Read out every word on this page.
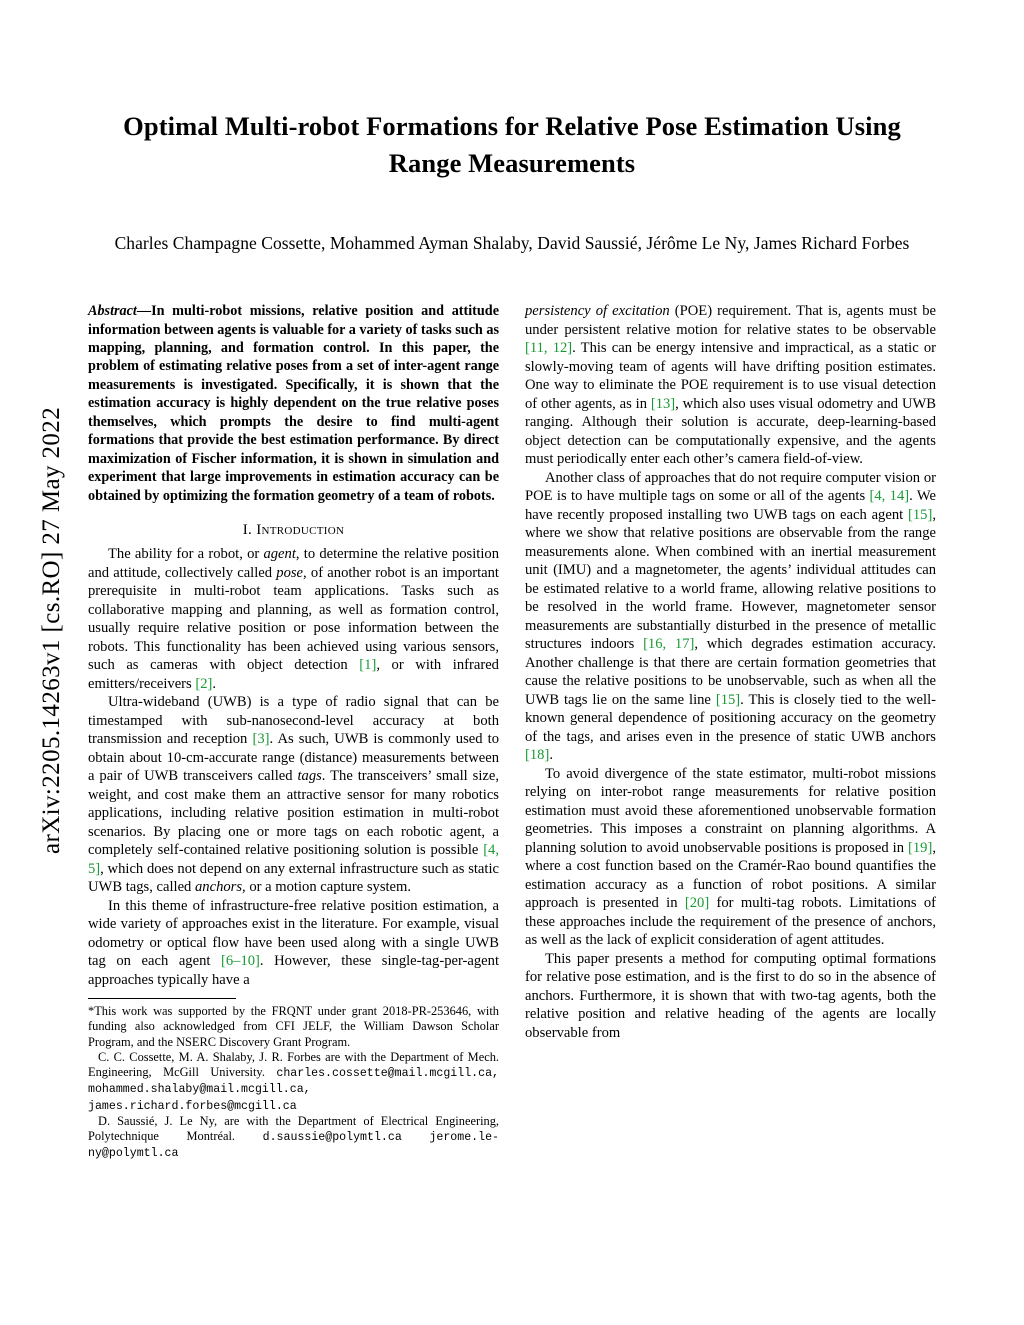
arXiv:2205.14263v1 [cs.RO] 27 May 2022
Optimal Multi-robot Formations for Relative Pose Estimation Using Range Measurements
Charles Champagne Cossette, Mohammed Ayman Shalaby, David Saussié, Jérôme Le Ny, James Richard Forbes
Abstract—In multi-robot missions, relative position and attitude information between agents is valuable for a variety of tasks such as mapping, planning, and formation control. In this paper, the problem of estimating relative poses from a set of inter-agent range measurements is investigated. Specifically, it is shown that the estimation accuracy is highly dependent on the true relative poses themselves, which prompts the desire to find multi-agent formations that provide the best estimation performance. By direct maximization of Fischer information, it is shown in simulation and experiment that large improvements in estimation accuracy can be obtained by optimizing the formation geometry of a team of robots.
I. Introduction

The ability for a robot, or agent, to determine the relative position and attitude, collectively called pose, of another robot is an important prerequisite in multi-robot team applications. Tasks such as collaborative mapping and planning, as well as formation control, usually require relative position or pose information between the robots. This functionality has been achieved using various sensors, such as cameras with object detection [1], or with infrared emitters/receivers [2].

Ultra-wideband (UWB) is a type of radio signal that can be timestamped with sub-nanosecond-level accuracy at both transmission and reception [3]. As such, UWB is commonly used to obtain about 10-cm-accurate range (distance) measurements between a pair of UWB transceivers called tags. The transceivers’ small size, weight, and cost make them an attractive sensor for many robotics applications, including relative position estimation in multi-robot scenarios. By placing one or more tags on each robotic agent, a completely self-contained relative positioning solution is possible [4, 5], which does not depend on any external infrastructure such as static UWB tags, called anchors, or a motion capture system.

In this theme of infrastructure-free relative position estimation, a wide variety of approaches exist in the literature. For example, visual odometry or optical flow have been used along with a single UWB tag on each agent [6–10]. However, these single-tag-per-agent approaches typically have a

*This work was supported by the FRQNT under grant 2018-PR-253646, with funding also acknowledged from CFI JELF, the William Dawson Scholar Program, and the NSERC Discovery Grant Program.

C. C. Cossette, M. A. Shalaby, J. R. Forbes are with the Department of Mech. Engineering, McGill University. charles.cossette@mail.mcgill.ca, mohammed.shalaby@mail.mcgill.ca, james.richard.forbes@mcgill.ca

D. Saussié, J. Le Ny, are with the Department of Electrical Engineering, Polytechnique Montréal. d.saussie@polymtl.ca jerome.le-ny@polymtl.ca

persistency of excitation (POE) requirement. That is, agents must be under persistent relative motion for relative states to be observable [11, 12]. This can be energy intensive and impractical, as a static or slowly-moving team of agents will have drifting position estimates. One way to eliminate the POE requirement is to use visual detection of other agents, as in [13], which also uses visual odometry and UWB ranging. Although their solution is accurate, deep-learning-based object detection can be computationally expensive, and the agents must periodically enter each other’s camera field-of-view.

Another class of approaches that do not require computer vision or POE is to have multiple tags on some or all of the agents [4, 14]. We have recently proposed installing two UWB tags on each agent [15], where we show that relative positions are observable from the range measurements alone. When combined with an inertial measurement unit (IMU) and a magnetometer, the agents’ individual attitudes can be estimated relative to a world frame, allowing relative positions to be resolved in the world frame. However, magnetometer sensor measurements are substantially disturbed in the presence of metallic structures indoors [16, 17], which degrades estimation accuracy. Another challenge is that there are certain formation geometries that cause the relative positions to be unobservable, such as when all the UWB tags lie on the same line [15]. This is closely tied to the well-known general dependence of positioning accuracy on the geometry of the tags, and arises even in the presence of static UWB anchors [18].

To avoid divergence of the state estimator, multi-robot missions relying on inter-robot range measurements for relative position estimation must avoid these aforementioned unobservable formation geometries. This imposes a constraint on planning algorithms. A planning solution to avoid unobservable positions is proposed in [19], where a cost function based on the Cramér-Rao bound quantifies the estimation accuracy as a function of robot positions. A similar approach is presented in [20] for multi-tag robots. Limitations of these approaches include the requirement of the presence of anchors, as well as the lack of explicit consideration of agent attitudes.

This paper presents a method for computing optimal formations for relative pose estimation, and is the first to do so in the absence of anchors. Furthermore, it is shown that with two-tag agents, both the relative position and relative heading of the agents are locally observable from
